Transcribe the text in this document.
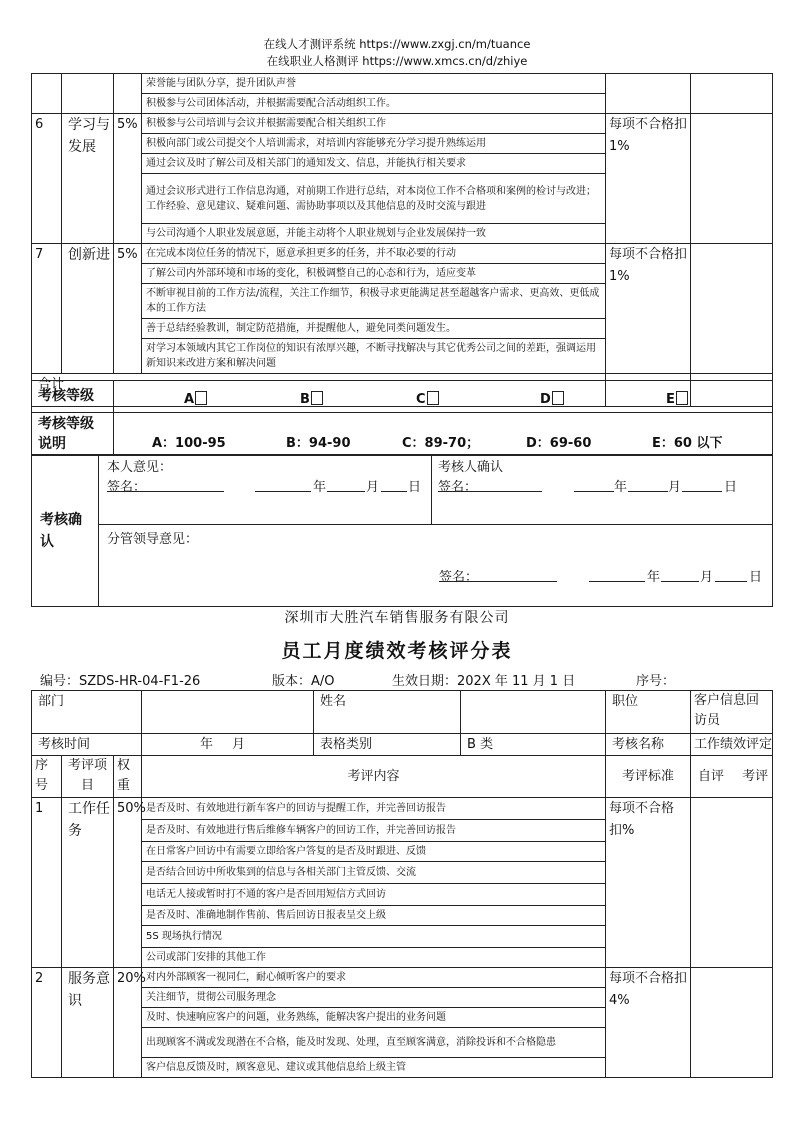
在线人才测评系统 https://www.zxgj.cn/m/tuance
在线职业人格测评 https://www.xmcs.cn/d/zhiye
			荣誉能与团队分享，提升团队声誉		
			积极参与公司团体活动，并根据需要配合活动组织工作。		
6	学习与发展	5%	积极参与公司培训与会议并根据需要配合相关组织工作	每项不合格扣 1%	
			积极向部门或公司提交个人培训需求，对培训内容能够充分学习提升熟练运用		
			通过会议及时了解公司及相关部门的通知发文、信息，并能执行相关要求		
			通过会议形式进行工作信息沟通，对前期工作进行总结，对本岗位工作不合格项和案例的检讨与改进；工作经验、意见建议、疑难问题、需协助事项以及其他信息的及时交流与跟进		
			与公司沟通个人职业发展意愿，并能主动将个人职业规划与企业发展保持一致		
7	创新进	5%	在完成本岗位任务的情况下，愿意承担更多的任务，并不取必要的行动	每项不合格扣 1%	
			了解公司内外部环境和市场的变化，积极调整自己的心态和行为，适应变革		
			不断审视目前的工作方法/流程，关注工作细节，积极寻求更能满足甚至超越客户需求、更高效、更低成本的工作方法		
			善于总结经验教训，制定防范措施，并提醒他人，避免同类问题发生。		
			对学习本领域内其它工作岗位的知识有浓厚兴趣，不断寻找解决与其它优秀公司之间的差距，强调运用新知识来改进方案和解决问题		
合计					
考核等级	A B C D E

考核等级说明	A：100-95 B：94-90 C：89-70； D：69-60 E：60 以下
考核确认	
本人意见：
签名：	年	月 日

考核人确认
签名：	年	月	日

分管领导意见：
签名：	年	月	日
深圳市大胜汽车销售服务有限公司
员工月度绩效考核评分表
编号：SZDS-HR-04-F1-26	版本：A/O	生效日期：202X 年 11 月 1 日	序号：
部门				姓名		职位	客户信息回访员
考核时间			年 月	表格类别	B 类	考核名称	工作绩效评定
序号	考评项目	权重	考评内容			考评标准	自评 考评
1	工作任务	50%	是否及时、有效地进行新车客户的回访与提醒工作，并完善回访报告			每项不合格扣%	
			是否及时、有效地进行售后维修车辆客户的回访工作，并完善回访报告				
			在日常客户回访中有需要立即给客户答复的是否及时跟进、反馈				
			是否结合回访中所收集到的信息与各相关部门主管反馈、交流				
			电话无人接或暂时打不通的客户是否回用短信方式回访				
			是否及时、准确地制作售前、售后回访日报表呈交上级				
			5S 现场执行情况				
			公司或部门安排的其他工作				
2	服务意识	20%	对内外部顾客一视同仁，耐心倾听客户的要求			每项不合格扣 4%	
			关注细节，贯彻公司服务理念				
			及时、快速响应客户的问题，业务熟练，能解决客户提出的业务问题				
			出现顾客不满或发现潜在不合格，能及时发现、处理，直至顾客满意，消除投诉和不合格隐患				
			客户信息反馈及时，顾客意见、建议或其他信息给上级主管				
